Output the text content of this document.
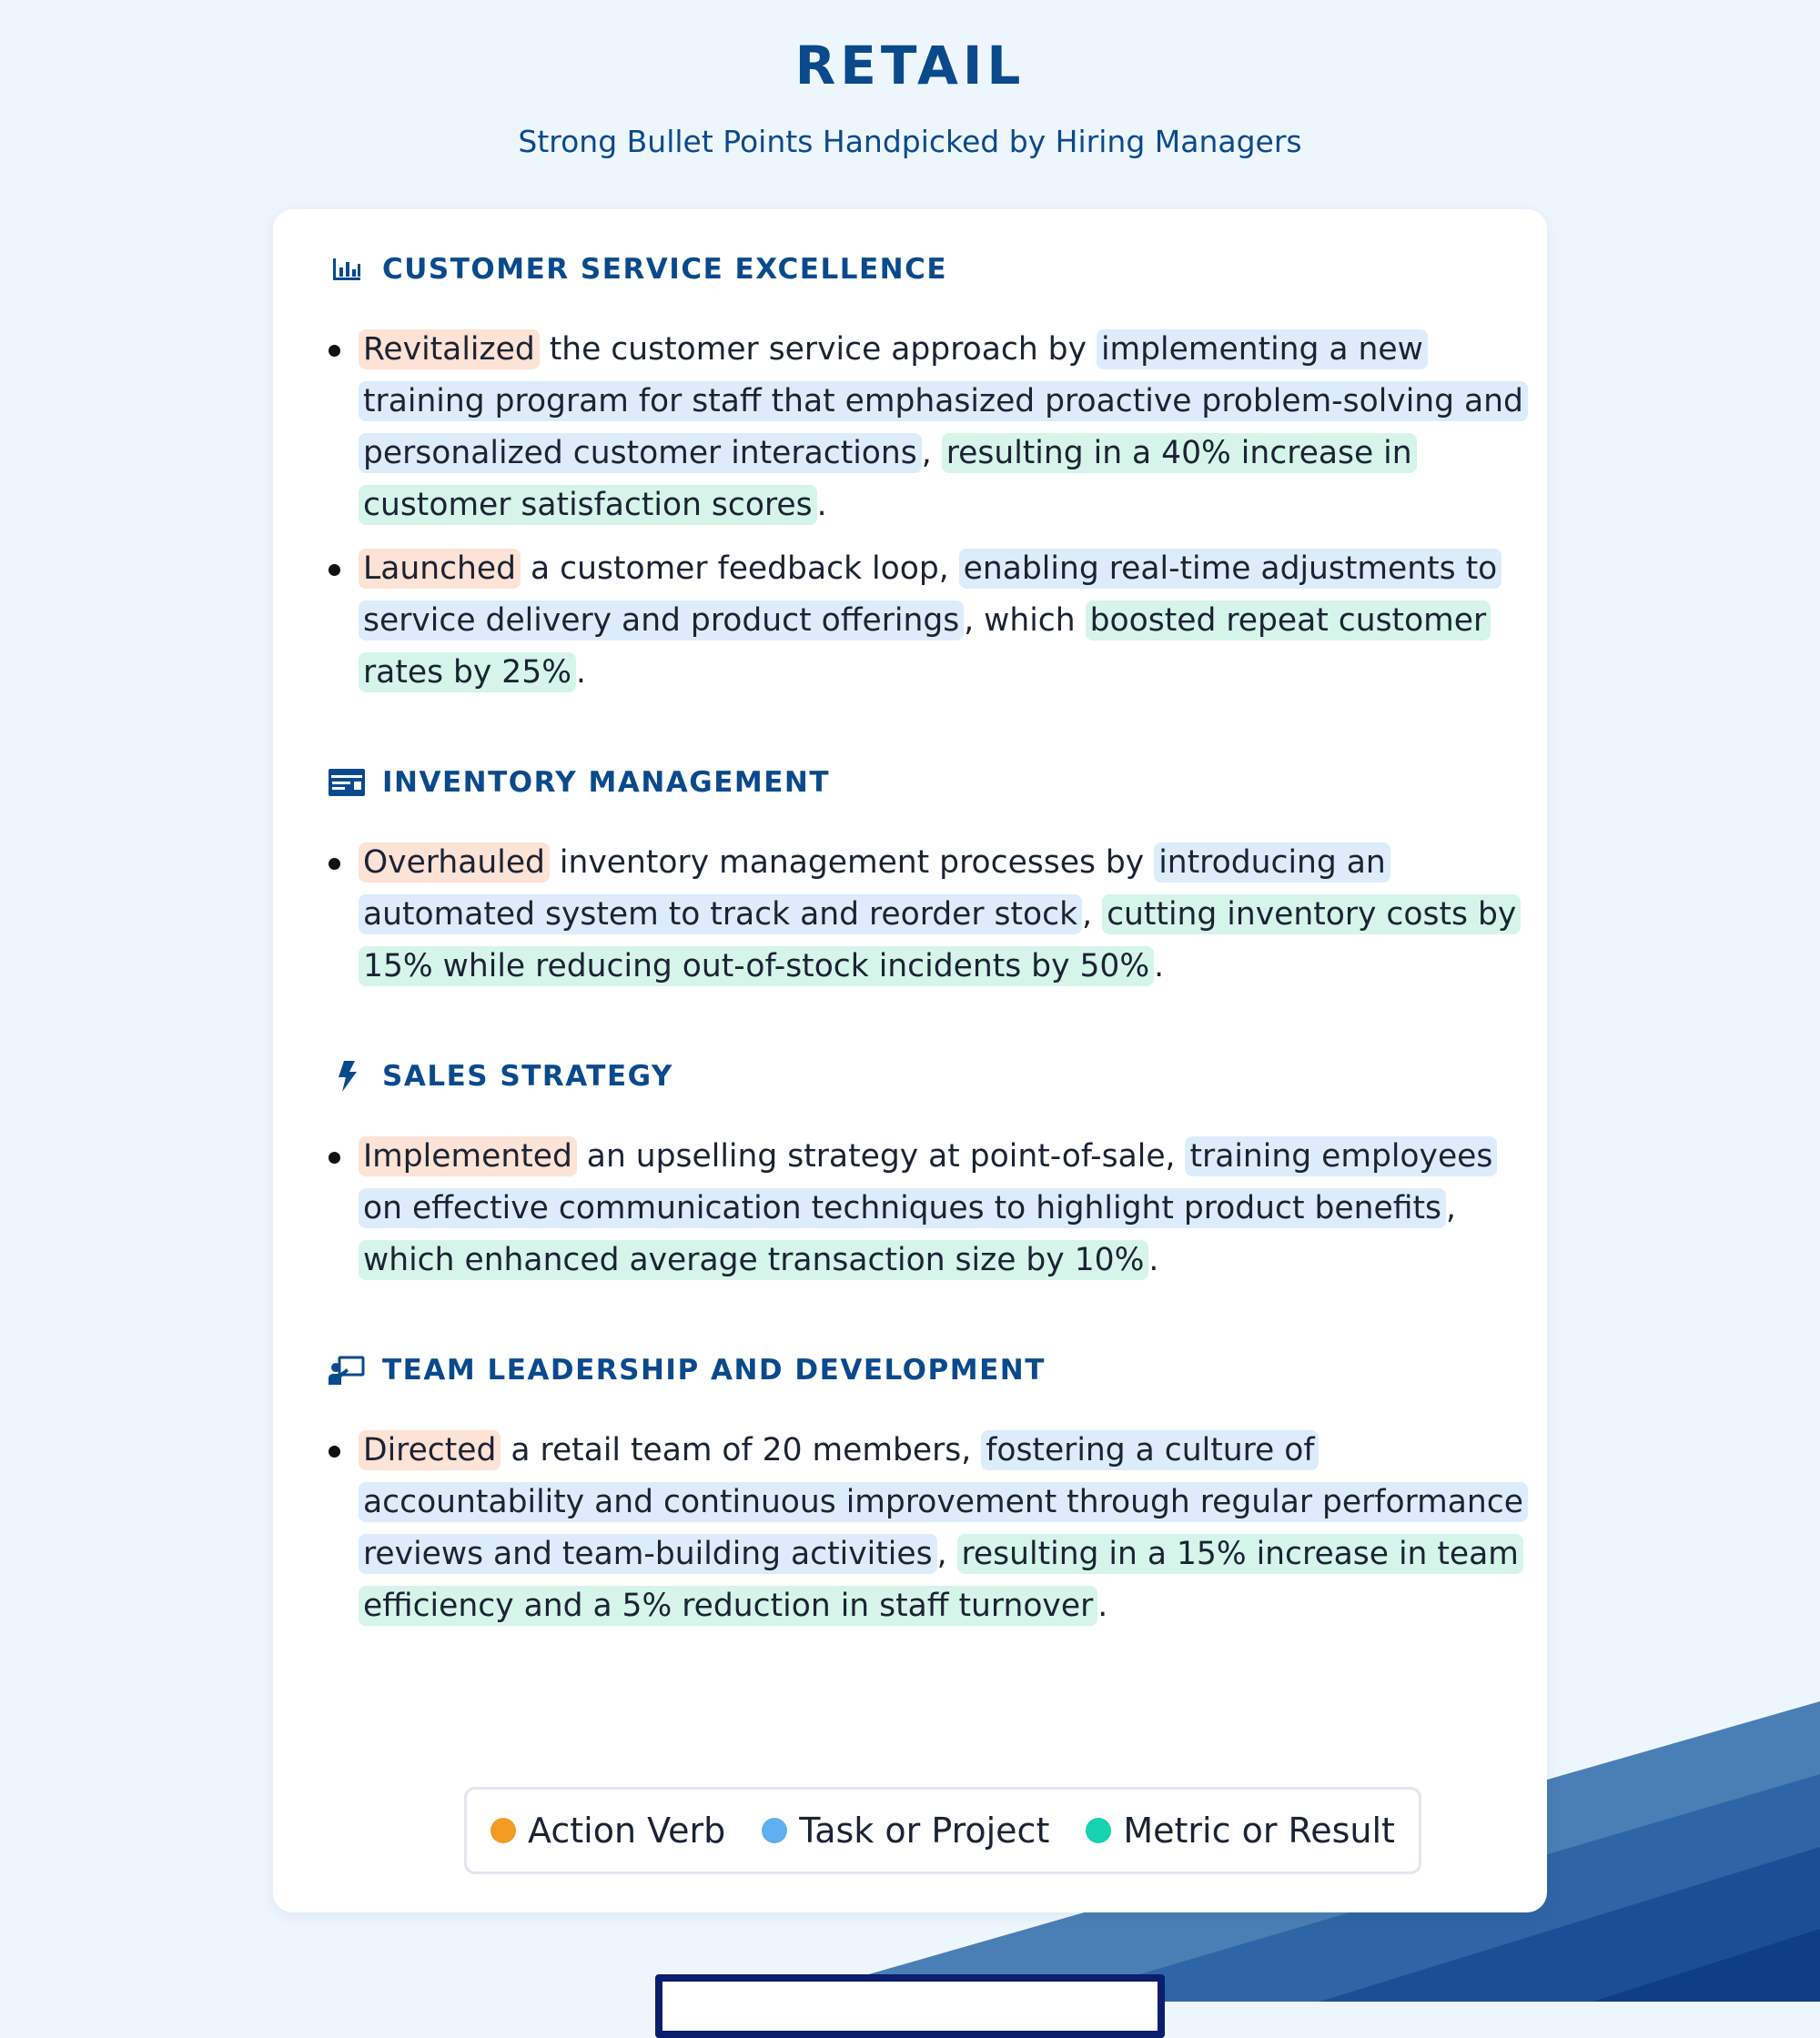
RETAIL
Strong Bullet Points Handpicked by Hiring Managers
CUSTOMER SERVICE EXCELLENCE
Revitalized the customer service approach by implementing a new training program for staff that emphasized proactive problem-solving and personalized customer interactions , resulting in a 40% increase in customer satisfaction scores .
Launched a customer feedback loop, enabling real-time adjustments to service delivery and product offerings , which boosted repeat customer rates by 25% .
INVENTORY MANAGEMENT
Overhauled inventory management processes by introducing an automated system to track and reorder stock , cutting inventory costs by 15% while reducing out-of-stock incidents by 50% .
SALES STRATEGY
Implemented an upselling strategy at point-of-sale, training employees on effective communication techniques to highlight product benefits , which enhanced average transaction size by 10% .
TEAM LEADERSHIP AND DEVELOPMENT
Directed a retail team of 20 members, fostering a culture of accountability and continuous improvement through regular performance reviews and team-building activities , resulting in a 15% increase in team efficiency and a 5% reduction in staff turnover .
Action Verb Task or Project Metric or Result
